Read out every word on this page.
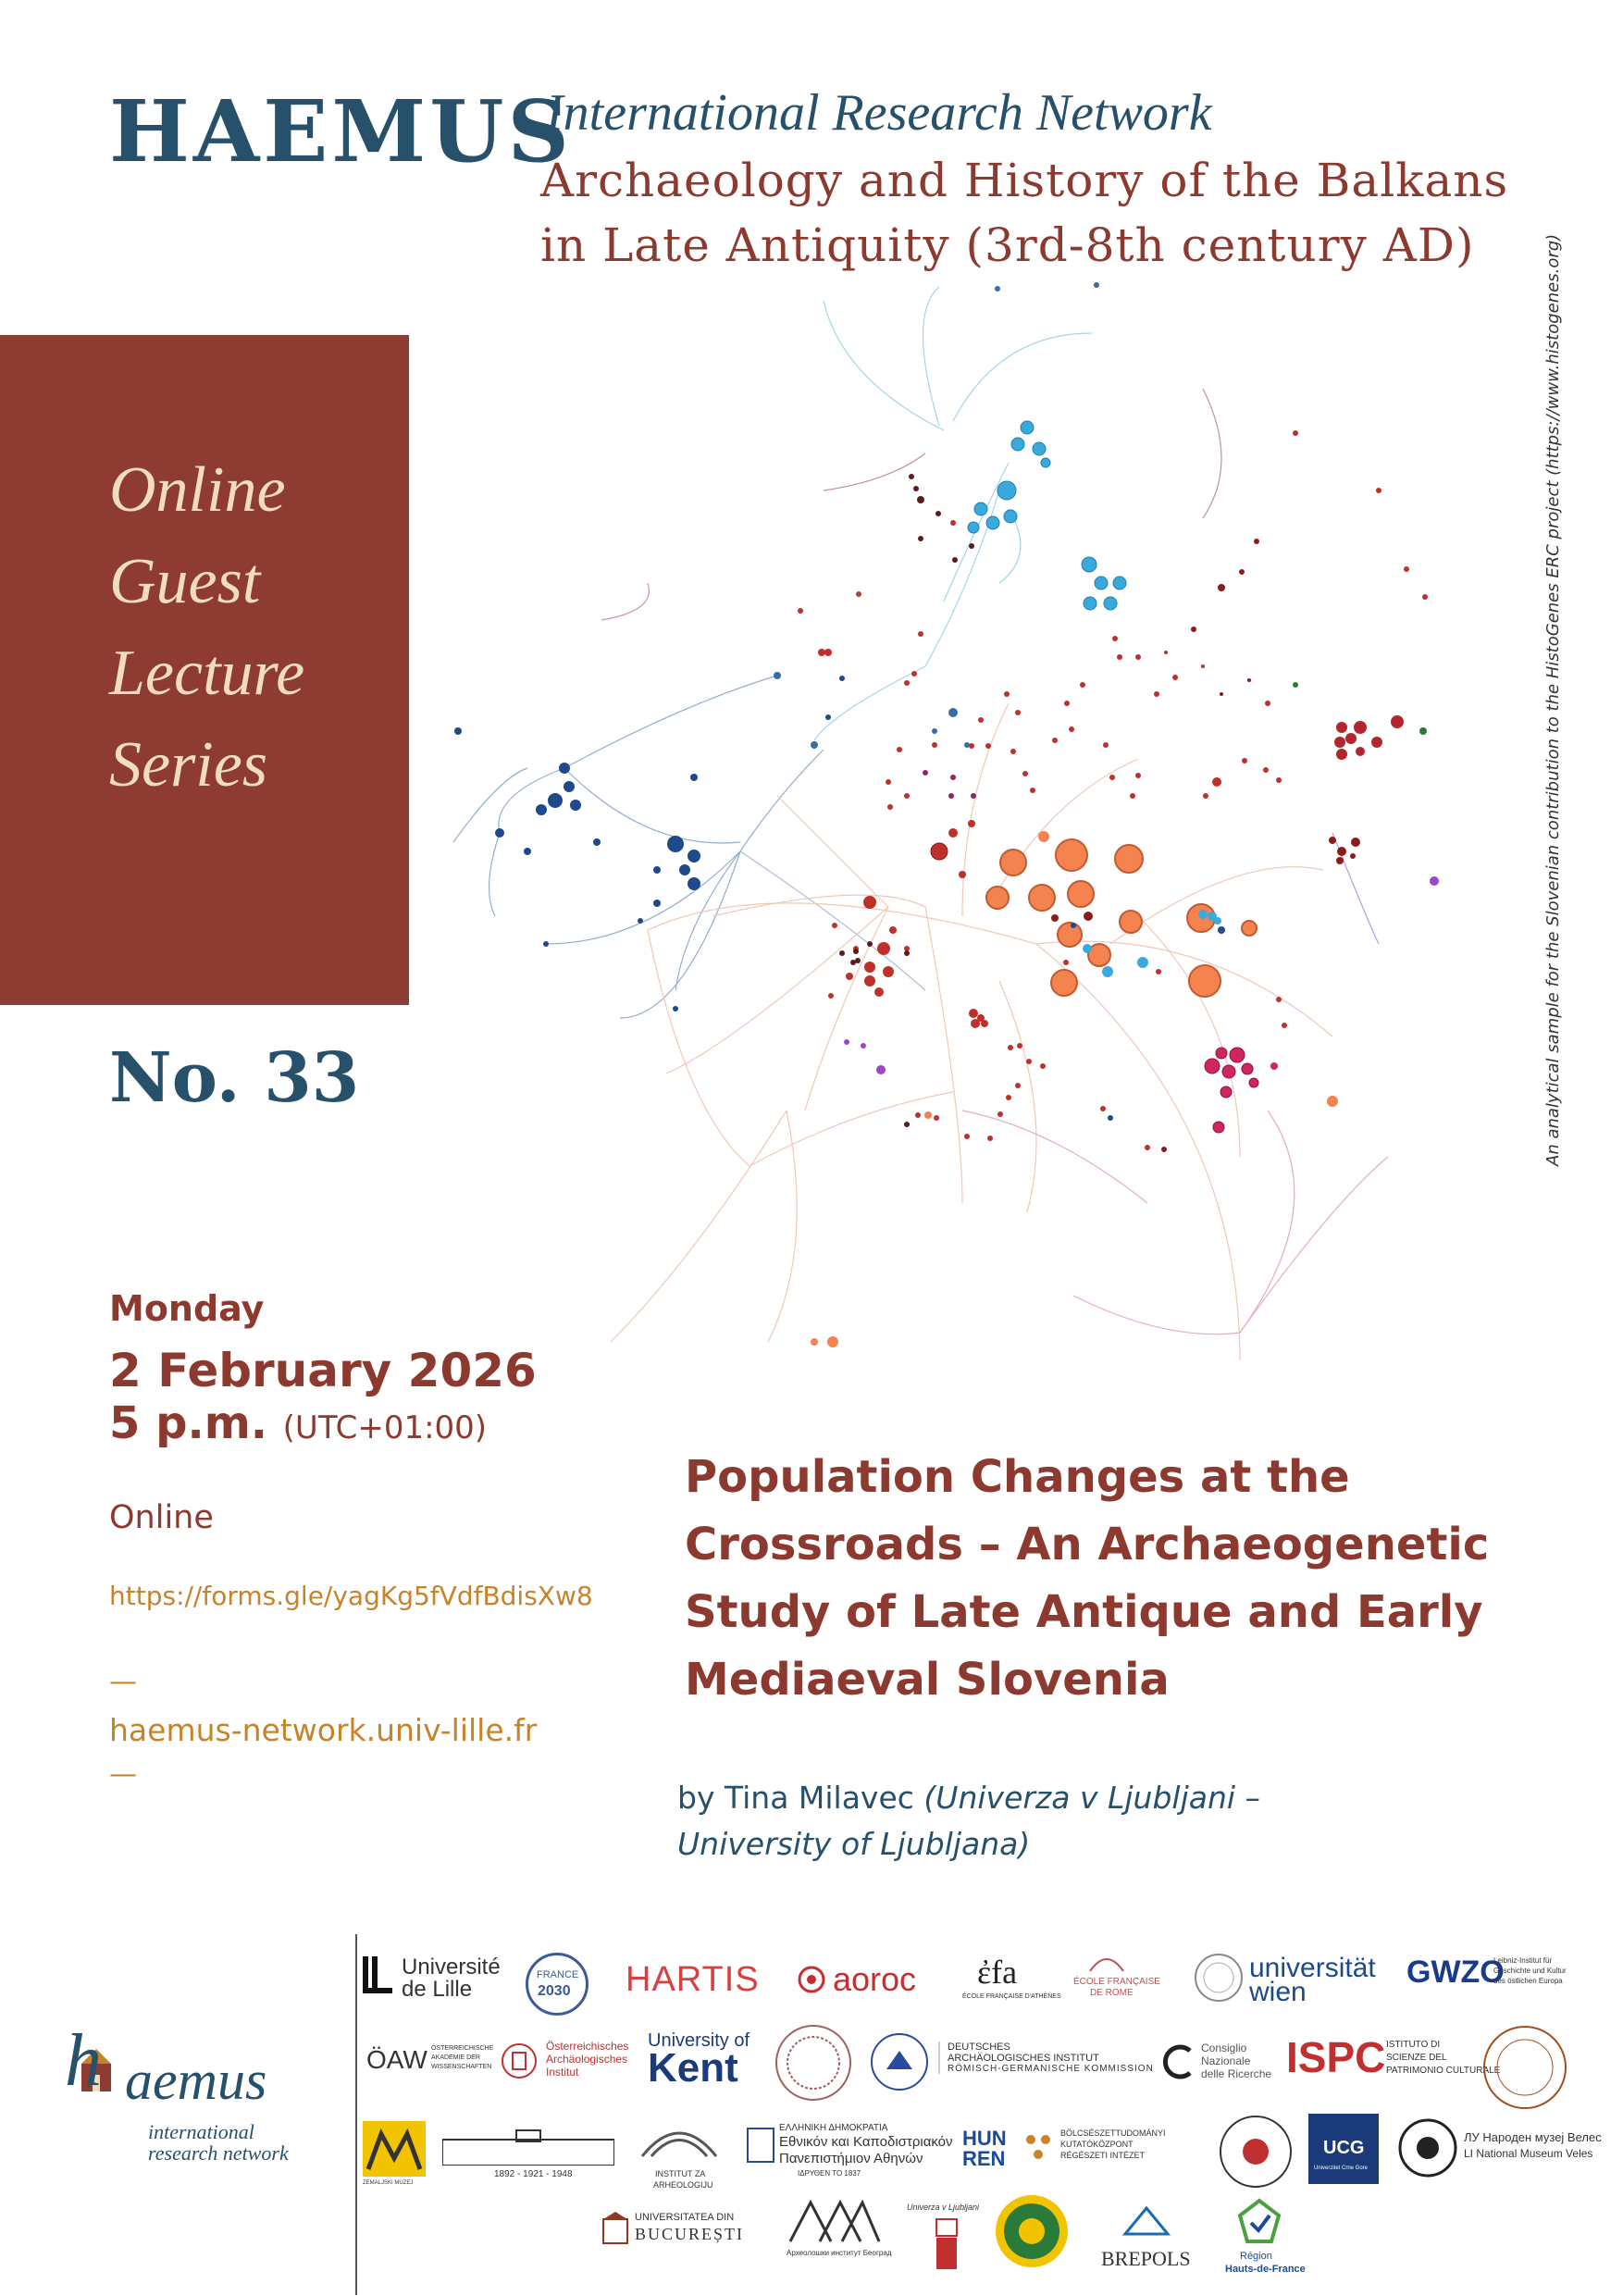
HAEMUS
International Research Network
Archaeology and History of the Balkans
in Late Antiquity (3rd-8th century AD)
Online
Guest
Lecture
Series
No. 33	An analytical sample for the Slovenian contribution to the HistoGenes ERC project (https://www.histogenes.org)
Monday
2 February 2026
5 p.m. (UTC+01:00)
Online
https://forms.gle/yagKg5fVdfBdisXw8
—
haemus-network.univ-lille.fr
—
Population Changes at the
Crossroads – An Archaeogenetic
Study of Late Antique and Early
Mediaeval Slovenia
by Tina Milavec (Univerza v Ljubljani –
University of Ljubljana)
h aemus
international
research network
Université
de Lille
FRANCE
2030 HARTIS aoroc ἐfa
ÉCOLE FRANÇAISE D'ATHÈNES
ÉCOLE FRANÇAISE
DE ROME
universität
wien
GWZO
Leibniz-Institut für
Geschichte und Kultur
des östlichen Europa
ÖAW ÖSTERREICHISCHE
AKADEMIE DER
WISSENSCHAFTEN
Österreichisches
Archäologisches
Institut
University of
Kent	DEUTSCHES
ARCHÄOLOGISCHES INSTITUT
RÖMISCH-GERMANISCHE KOMMISSION
Consiglio
Nazionale
delle Ricerche ISPC ISTITUTO DI
SCIENZE DEL
PATRIMONIO CULTURALE
ZEMALJSKI MUZEJ
1892 - 1921 - 1948	INSTITUT ZA
ARHEOLOGIJU
ΕΛΛΗΝΙΚΗ ΔΗΜΟΚΡΑΤΙΑ
Εθνικόν και Καποδιστριακόν
Πανεπιστήμιον Αθηνών
ΙΔΡΥΘΕΝ ΤΟ 1837
HUN
REN
BÖLCSÉSZETTUDOMÁNYI
KUTATÓKÖZPONT
RÉGÉSZETI INTÉZET	UCG
Univerzitet Crne Gore
ЛУ Народен музеј Велес
LI National Museum Veles
UNIVERSITATEA DIN
BUCUREȘTI
Археолошки институт Београд
Univerza v Ljubljani
BREPOLS	Région
Hauts-de-France
